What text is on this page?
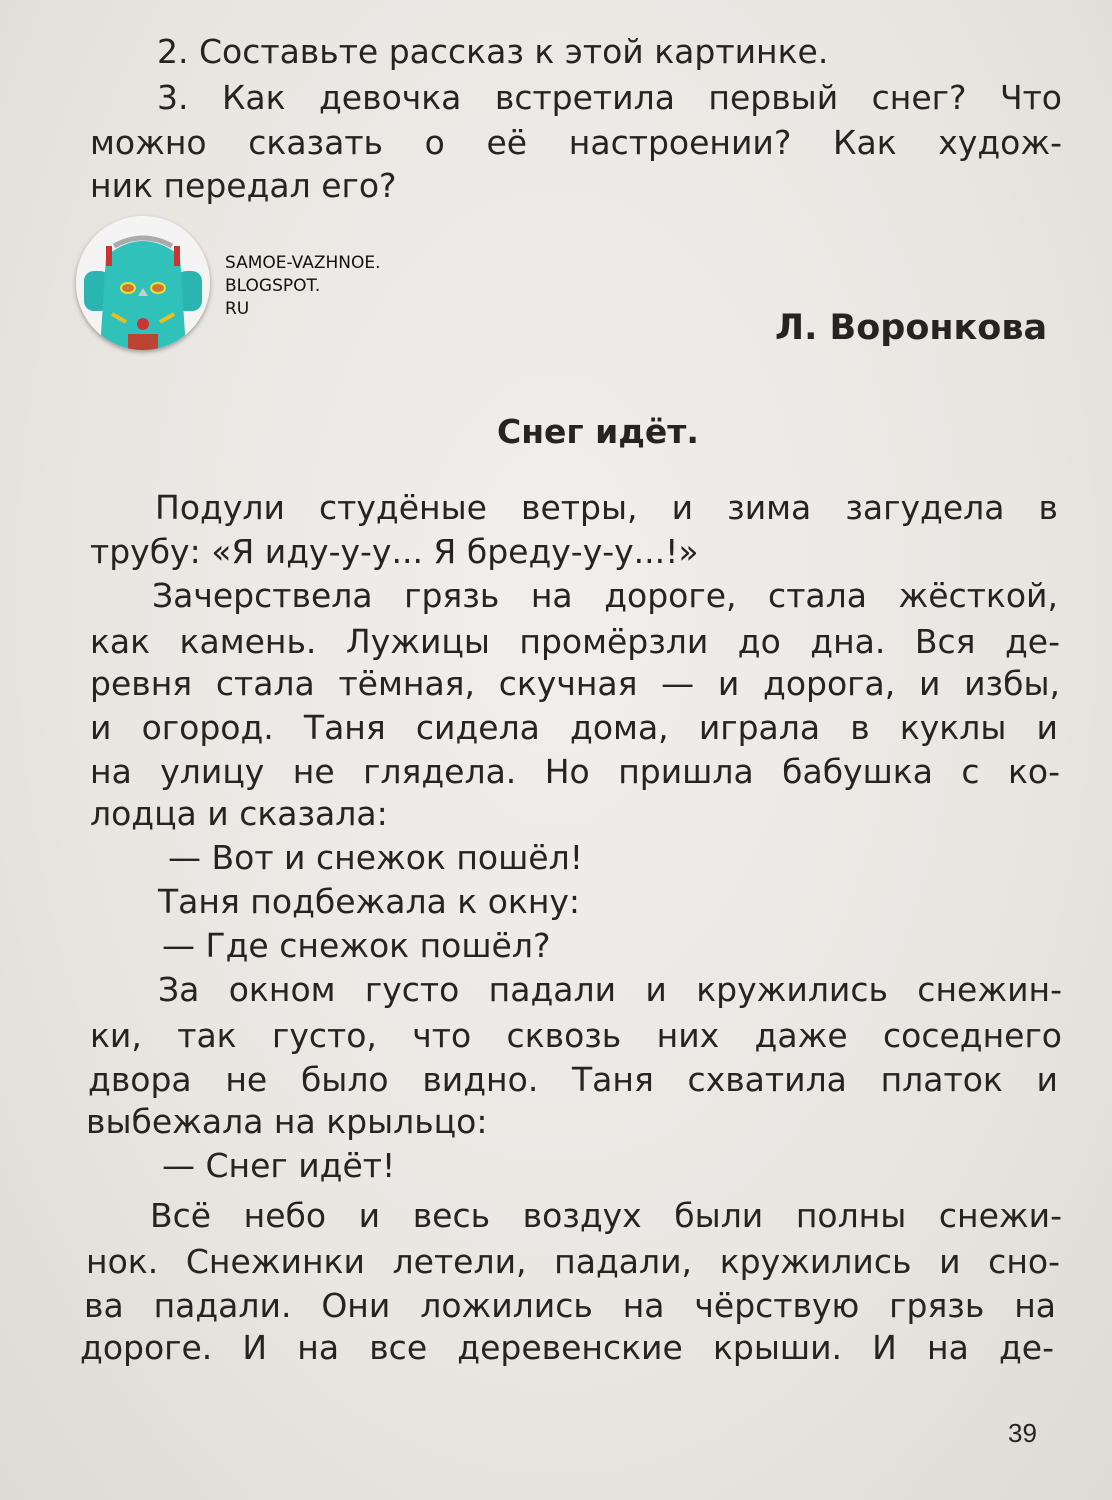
SAMOE-VAZHNOE.
BLOGSPOT.
RU
2. Составьте рассказ к этой картинке.
3. Как девочка встретила первый снег? Что
можно сказать о её настроении? Как худож-
ник передал его?
Л. Воронкова
Снег идёт.
Подули студёные ветры, и зима загудела в
трубу: «Я иду-у-у... Я бреду-у-у...!»
Зачерствела грязь на дороге, стала жёсткой,
как камень. Лужицы промёрзли до дна. Вся де-
ревня стала тёмная, скучная — и дорога, и избы,
и огород. Таня сидела дома, играла в куклы и
на улицу не глядела. Но пришла бабушка с ко-
лодца и сказала:
— Вот и снежок пошёл!
Таня подбежала к окну:
— Где снежок пошёл?
За окном густо падали и кружились снежин-
ки, так густо, что сквозь них даже соседнего
двора не было видно. Таня схватила платок и
выбежала на крыльцо:
— Снег идёт!
Всё небо и весь воздух были полны снежи-
нок. Снежинки летели, падали, кружились и сно-
ва падали. Они ложились на чёрствую грязь на
дороге. И на все деревенские крыши. И на де-
39
